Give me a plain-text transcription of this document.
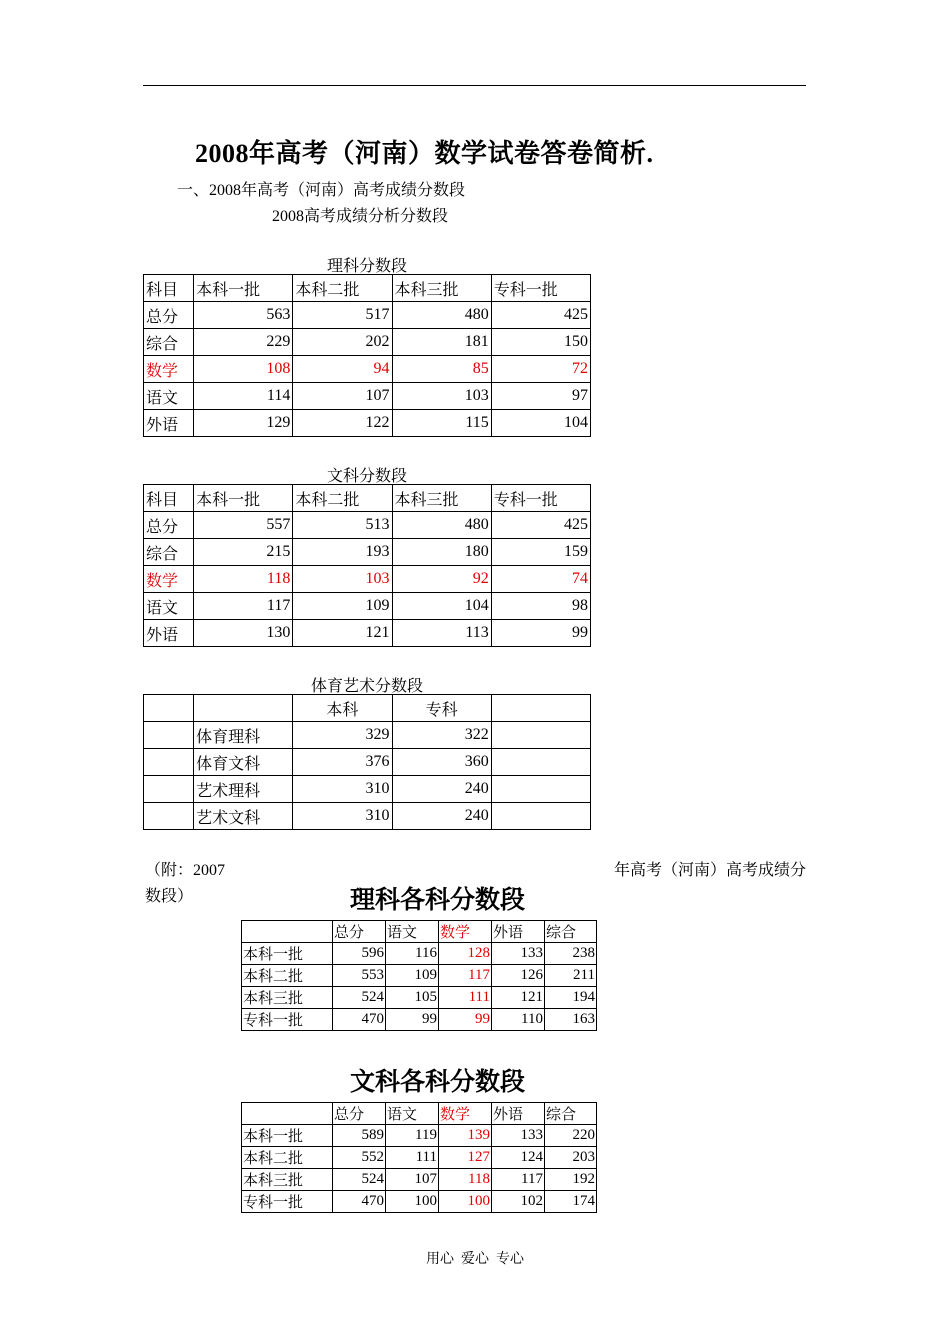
2008年高考（河南）数学试卷答卷简析.
一、2008年高考（河南）高考成绩分数段
2008高考成绩分析分数段
理科分数段
科目	本科一批	本科二批	本科三批	专科一批
总分	563	517	480	425
综合	229	202	181	150
数学	108	94	85	72
语文	114	107	103	97
外语	129	122	115	104
文科分数段
科目	本科一批	本科二批	本科三批	专科一批
总分	557	513	480	425
综合	215	193	180	159
数学	118	103	92	74
语文	117	109	104	98
外语	130	121	113	99
体育艺术分数段
		本科	专科	
	体育理科	329	322	
	体育文科	376	360	
	艺术理科	310	240	
	艺术文科	310	240	
（附：2007	年高考（河南）高考成绩分
数段）	理科各科分数段
	总分	语文	数学	外语	综合
本科一批	596	116	128	133	238
本科二批	553	109	117	126	211
本科三批	524	105	111	121	194
专科一批	470	99	99	110	163
文科各科分数段
	总分	语文	数学	外语	综合
本科一批	589	119	139	133	220
本科二批	552	111	127	124	203
本科三批	524	107	118	117	192
专科一批	470	100	100	102	174
用心  爱心  专心
